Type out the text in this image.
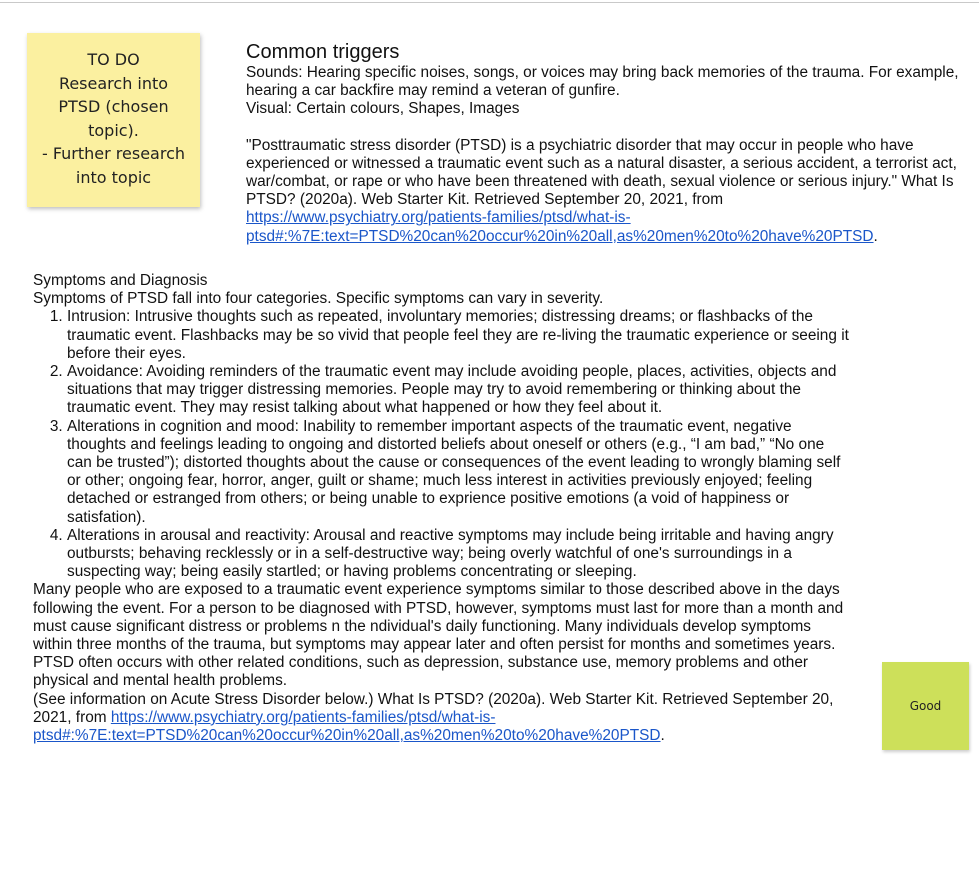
TO DO
Research into
PTSD (chosen
topic).
- Further research
into topic
Common triggers

Sounds: Hearing specific noises, songs, or voices may bring back memories of the trauma. For example, hearing a car backfire may remind a veteran of gunfire.

Visual: Certain colours, Shapes, Images

"Posttraumatic stress disorder (PTSD) is a psychiatric disorder that may occur in people who have experienced or witnessed a traumatic event such as a natural disaster, a serious accident, a terrorist act, war/combat, or rape or who have been threatened with death, sexual violence or serious injury." What Is PTSD? (2020a). Web Starter Kit. Retrieved September 20, 2021, from https://www.psychiatry.org/patients-families/ptsd/what-is-
ptsd#:%7E:text=PTSD%20can%20occur%20in%20all,as%20men%20to%20have%20PTSD.

Symptoms and Diagnosis

Symptoms of PTSD fall into four categories. Specific symptoms can vary in severity.

1. Intrusion: Intrusive thoughts such as repeated, involuntary memories; distressing dreams; or flashbacks of the traumatic event. Flashbacks may be so vivid that people feel they are re-living the traumatic experience or seeing it before their eyes.
2. Avoidance: Avoiding reminders of the traumatic event may include avoiding people, places, activities, objects and situations that may trigger distressing memories. People may try to avoid remembering or thinking about the traumatic event. They may resist talking about what happened or how they feel about it.
3. Alterations in cognition and mood: Inability to remember important aspects of the traumatic event, negative thoughts and feelings leading to ongoing and distorted beliefs about oneself or others (e.g., “I am bad,” “No one can be trusted”); distorted thoughts about the cause or consequences of the event leading to wrongly blaming self or other; ongoing fear, horror, anger, guilt or shame; much less interest in activities previously enjoyed; feeling detached or estranged from others; or being unable to exprience positive emotions (a void of happiness or satisfation).
4. Alterations in arousal and reactivity: Arousal and reactive symptoms may include being irritable and having angry outbursts; behaving recklessly or in a self-destructive way; being overly watchful of one's surroundings in a suspecting way; being easily startled; or having problems concentrating or sleeping.

Many people who are exposed to a traumatic event experience symptoms similar to those described above in the days following the event. For a person to be diagnosed with PTSD, however, symptoms must last for more than a month and must cause significant distress or problems n the ndividual's daily functioning. Many individuals develop symptoms within three months of the trauma, but symptoms may appear later and often persist for months and sometimes years. PTSD often occurs with other related conditions, such as depression, substance use, memory problems and other physical and mental health problems.

(See information on Acute Stress Disorder below.) What Is PTSD? (2020a). Web Starter Kit. Retrieved September 20, 2021, from https://www.psychiatry.org/patients-families/ptsd/what-is-
ptsd#:%7E:text=PTSD%20can%20occur%20in%20all,as%20men%20to%20have%20PTSD.

Good
